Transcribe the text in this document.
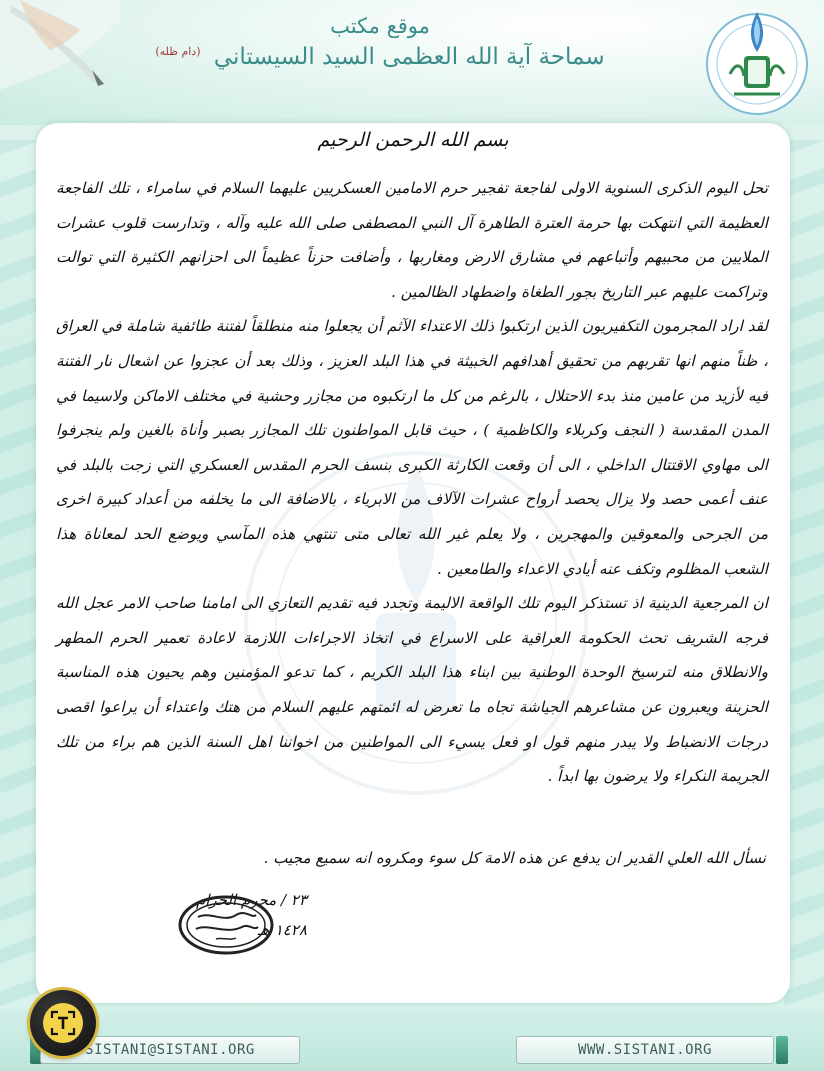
موقع مكتب
سماحة آية الله العظمى السيد السيستاني $^{(دام ظله)}$
بسم الله الرحمن الرحيم

تحل اليوم الذكرى السنوية الاولى لفاجعة تفجير حرم الامامين العسكريين عليهما السلام في سامراء ، تلك الفاجعة العظيمة التي انتهكت بها حرمة العترة الطاهرة آل النبي المصطفى صلى الله عليه وآله ، وتدارست قلوب عشرات الملايين من محبيهم وأتباعهم في مشارق الارض ومغاربها ، وأضافت حزناً عظيماً الى احزانهم الكثيرة التي توالت وتراكمت عليهم عبر التاريخ بجور الطغاة واضطهاد الظالمين .

لقد اراد المجرمون التكفيريون الذين ارتكبوا ذلك الاعتداء الآثم أن يجعلوا منه منطلقاً لفتنة طائفية شاملة في العراق ، ظناً منهم انها تقربهم من تحقيق أهدافهم الخبيثة في هذا البلد العزيز ، وذلك بعد أن عجزوا عن اشعال نار الفتنة فيه لأزيد من عامين منذ بدء الاحتلال ، بالرغم من كل ما ارتكبوه من مجازر وحشية في مختلف الاماكن ولاسيما في المدن المقدسة ( النجف وكربلاء والكاظمية ) ، حيث قابل المواطنون تلك المجازر بصبر وأناة بالغين ولم ينجرفوا الى مهاوي الاقتتال الداخلي ، الى أن وقعت الكارثة الكبرى بنسف الحرم المقدس العسكري التي زجت بالبلد في عنف أعمى حصد ولا يزال يحصد أرواح عشرات الآلاف من الابرياء ، بالاضافة الى ما يخلفه من أعداد كبيرة اخرى من الجرحى والمعوقين والمهجرين ، ولا يعلم غير الله تعالى متى تنتهي هذه المآسي ويوضع الحد لمعاناة هذا الشعب المظلوم وتكف عنه أيادي الاعداء والطامعين .

ان المرجعية الدينية اذ تستذكر اليوم تلك الواقعة الاليمة وتجدد فيه تقديم التعازي الى امامنا صاحب الامر عجل الله فرجه الشريف تحث الحكومة العراقية على الاسراع في اتخاذ الاجراءات اللازمة لاعادة تعمير الحرم المطهر والانطلاق منه لترسيخ الوحدة الوطنية بين ابناء هذا البلد الكريم ، كما تدعو المؤمنين وهم يحيون هذه المناسبة الحزينة ويعبرون عن مشاعرهم الجياشة تجاه ما تعرض له ائمتهم عليهم السلام من هتك واعتداء أن يراعوا اقصى درجات الانضباط ولا يبدر منهم قول او فعل يسيء الى المواطنين من اخواننا اهل السنة الذين هم براء من تلك الجريمة النكراء ولا يرضون بها ابداً .

نسأل الله العلي القدير ان يدفع عن هذه الامة كل سوء ومكروه انه سميع مجيب .
٢٣ / محرم الحرام
١٤٢٨ هـ
SISTANI@SISTANI.ORG	WWW.SISTANI.ORG
